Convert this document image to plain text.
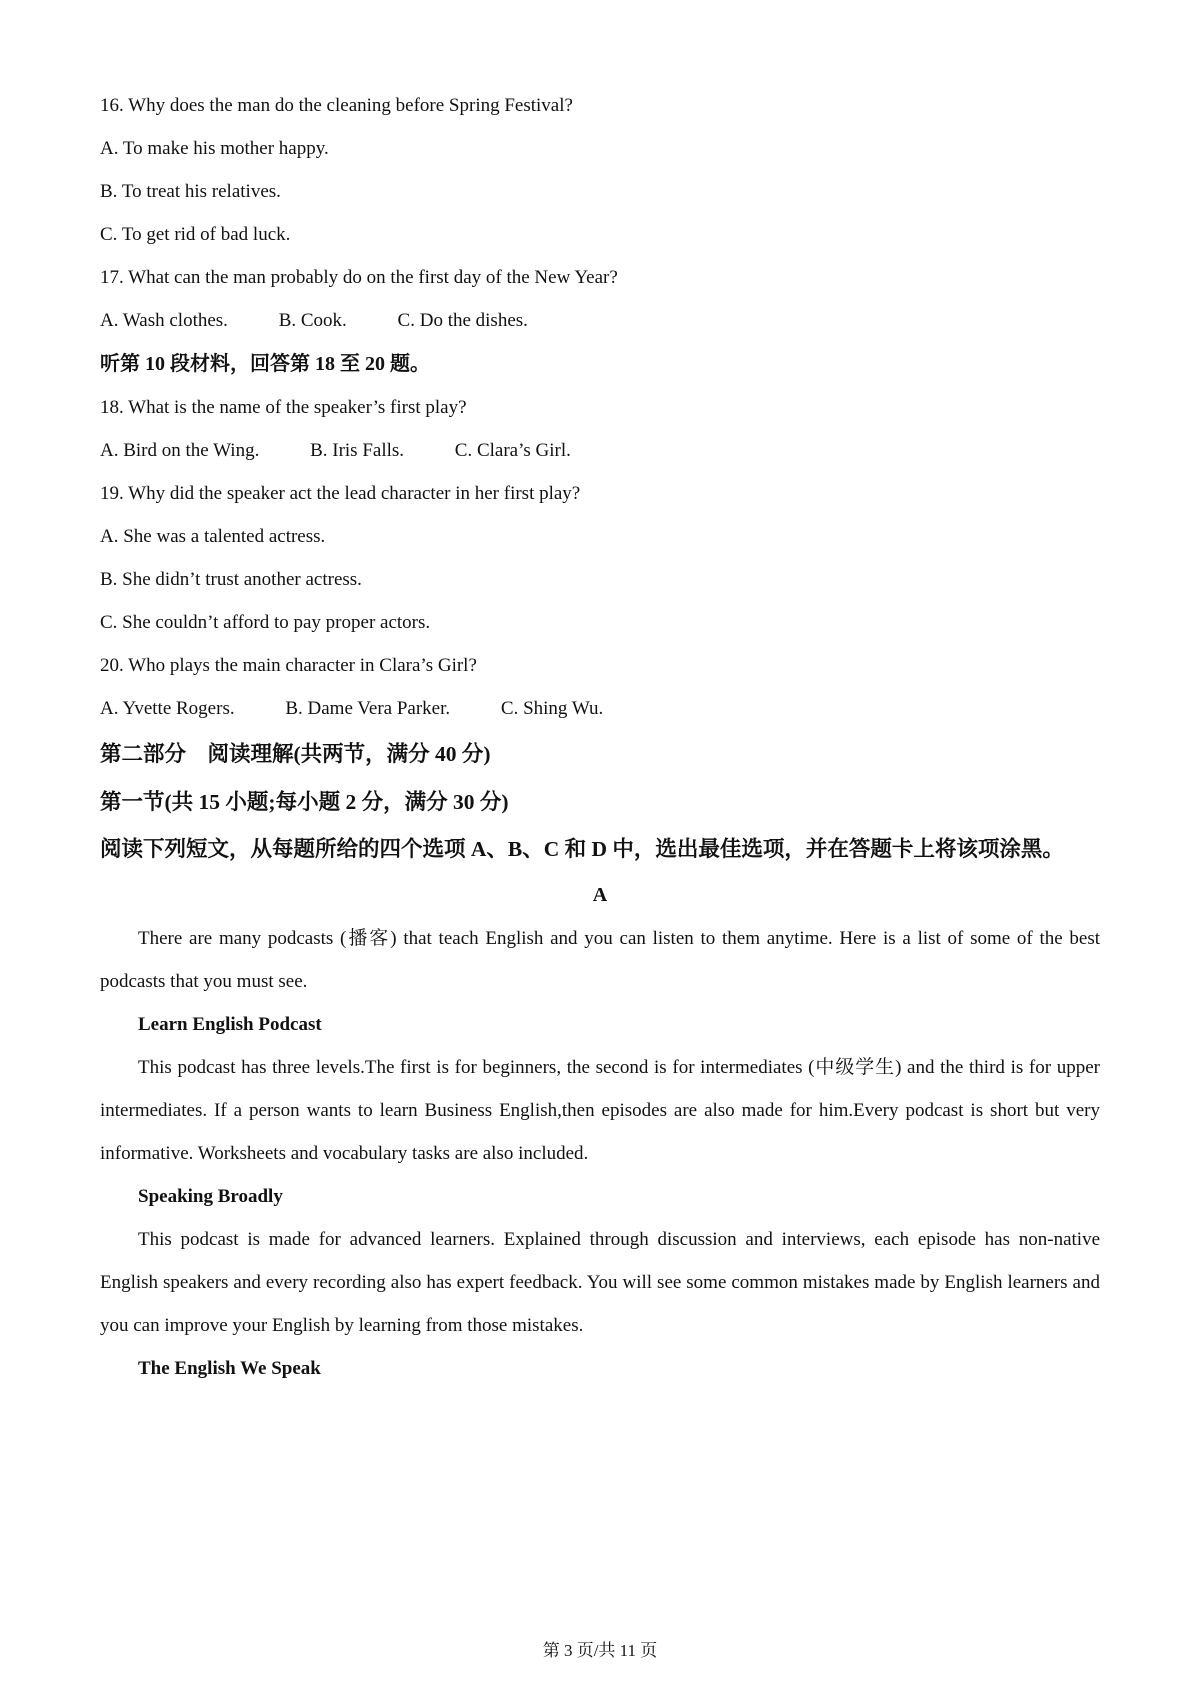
16. Why does the man do the cleaning before Spring Festival?

A. To make his mother happy.

B. To treat his relatives.

C. To get rid of bad luck.

17. What can the man probably do on the first day of the New Year?

A. Wash clothes.	B. Cook.	C. Do the dishes.

听第 10 段材料，回答第 18 至 20 题。

18. What is the name of the speaker’s first play?

A. Bird on the Wing.	B. Iris Falls.	C. Clara’s Girl.

19. Why did the speaker act the lead character in her first play?

A. She was a talented actress.

B. She didn’t trust another actress.

C. She couldn’t afford to pay proper actors.

20. Who plays the main character in Clara’s Girl?

A. Yvette Rogers.	B. Dame Vera Parker.	C. Shing Wu.

第二部分　阅读理解(共两节，满分 40 分)
第一节(共 15 小题;每小题 2 分，满分 30 分)

阅读下列短文，从每题所给的四个选项 A、B、C 和 D 中，选出最佳选项，并在答题卡上将该项涂黑。

A

There are many podcasts (播客) that teach English and you can listen to them anytime. Here is a list of some of the best podcasts that you must see.

Learn English Podcast

This podcast has three levels.The first is for beginners, the second is for intermediates (中级学生) and the third is for upper intermediates. If a person wants to learn Business English,then episodes are also made for him.Every podcast is short but very informative. Worksheets and vocabulary tasks are also included.

Speaking Broadly

This podcast is made for advanced learners. Explained through discussion and interviews, each episode has non-native English speakers and every recording also has expert feedback. You will see some common mistakes made by English learners and you can improve your English by learning from those mistakes.

The English We Speak

第 3 页/共 11 页
